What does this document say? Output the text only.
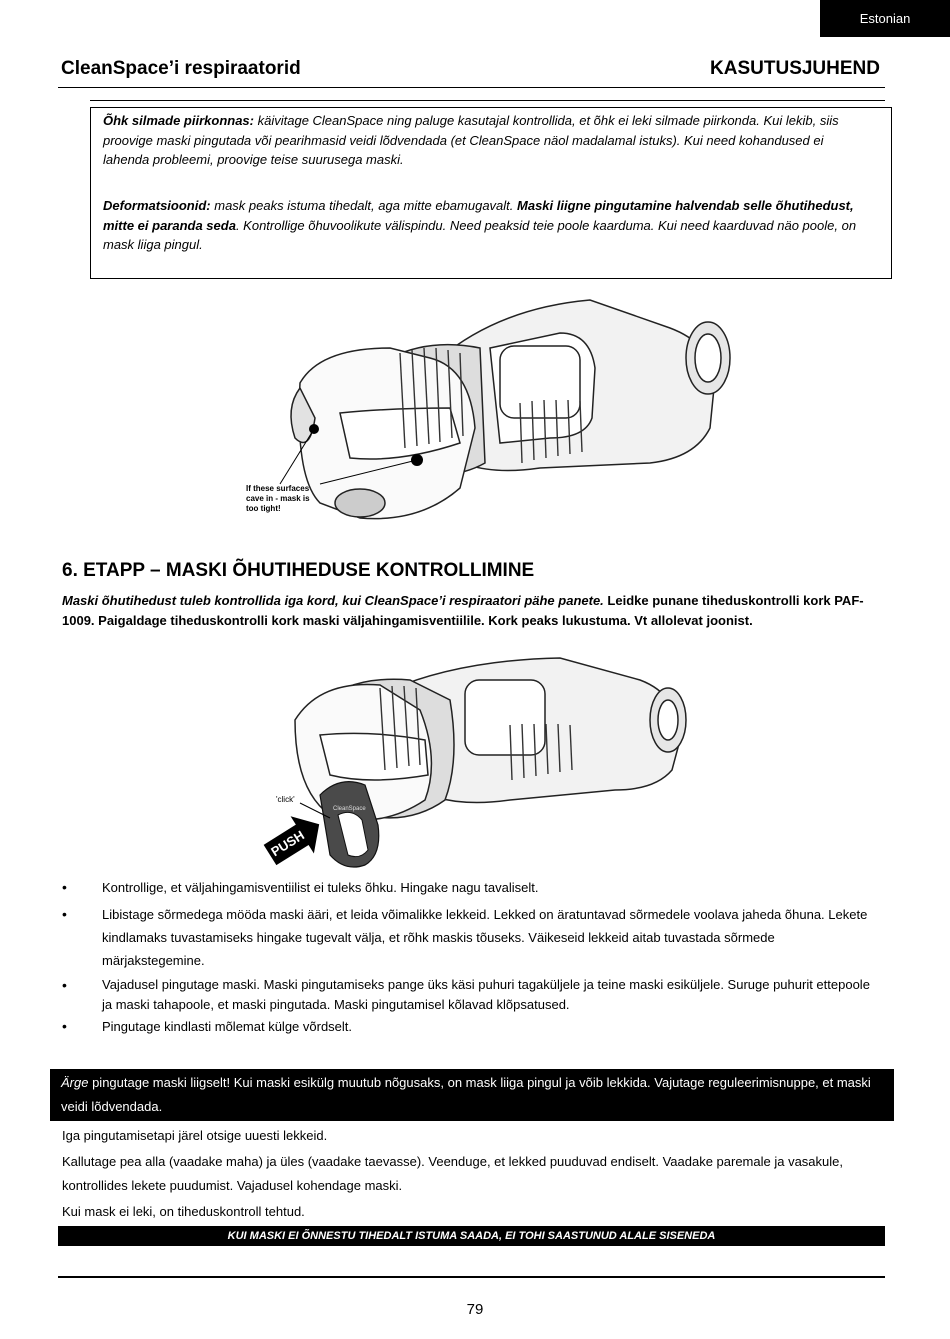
Estonian
CleanSpace’i respiraatorid	KASUTUSJUHEND

Õhk silmade piirkonnas: käivitage CleanSpace ning paluge kasutajal kontrollida, et õhk ei leki silmade piirkonda. Kui lekib, siis proovige maski pingutada või pearihmasid veidi lõdvendada (et CleanSpace näol madalamal istuks). Kui need kohandused ei lahenda probleemi, proovige teise suurusega maski.

Deformatsioonid: mask peaks istuma tihedalt, aga mitte ebamugavalt. Maski liigne pingutamine halvendab selle õhutihedust, mitte ei paranda seda. Kontrollige õhuvoolikute välispindu. Need peaksid teie poole kaarduma. Kui need kaarduvad näo poole, on mask liiga pingul.

If these surfaces cave in - mask is too tight!
6. ETAPP – MASKI ÕHUTIHEDUSE KONTROLLIMINE
Maski õhutihedust tuleb kontrollida iga kord, kui CleanSpace’i respiraatori pähe panete. Leidke punane tiheduskontrolli kork PAF-1009. Paigaldage tiheduskontrolli kork maski väljahingamisventiilile. Kork peaks lukustuma. Vt allolevat joonist.
CleanSpace
PUSH
'click'
• Kontrollige, et väljahingamisventiilist ei tuleks õhku. Hingake nagu tavaliselt.
• Libistage sõrmedega mööda maski ääri, et leida võimalikke lekkeid. Lekked on äratuntavad sõrmedele voolava jaheda õhuna. Lekete kindlamaks tuvastamiseks hingake tugevalt välja, et rõhk maskis tõuseks. Väikeseid lekkeid aitab tuvastada sõrmede märjakstegemine.
• Vajadusel pingutage maski. Maski pingutamiseks pange üks käsi puhuri tagaküljele ja teine maski esiküljele. Suruge puhurit ettepoole ja maski tahapoole, et maski pingutada. Maski pingutamisel kõlavad klõpsatused.
• Pingutage kindlasti mõlemat külge võrdselt.
Ärge pingutage maski liigselt! Kui maski esikülg muutub nõgusaks, on mask liiga pingul ja võib lekkida. Vajutage reguleerimisnuppe, et maski veidi lõdvendada.

Iga pingutamisetapi järel otsige uuesti lekkeid.

Kallutage pea alla (vaadake maha) ja üles (vaadake taevasse). Veenduge, et lekked puuduvad endiselt. Vaadake paremale ja vasakule, kontrollides lekete puudumist. Vajadusel kohendage maski.

Kui mask ei leki, on tiheduskontroll tehtud.

KUI MASKI EI ÕNNESTU TIHEDALT ISTUMA SAADA, EI TOHI SAASTUNUD ALALE SISENEDA
79
